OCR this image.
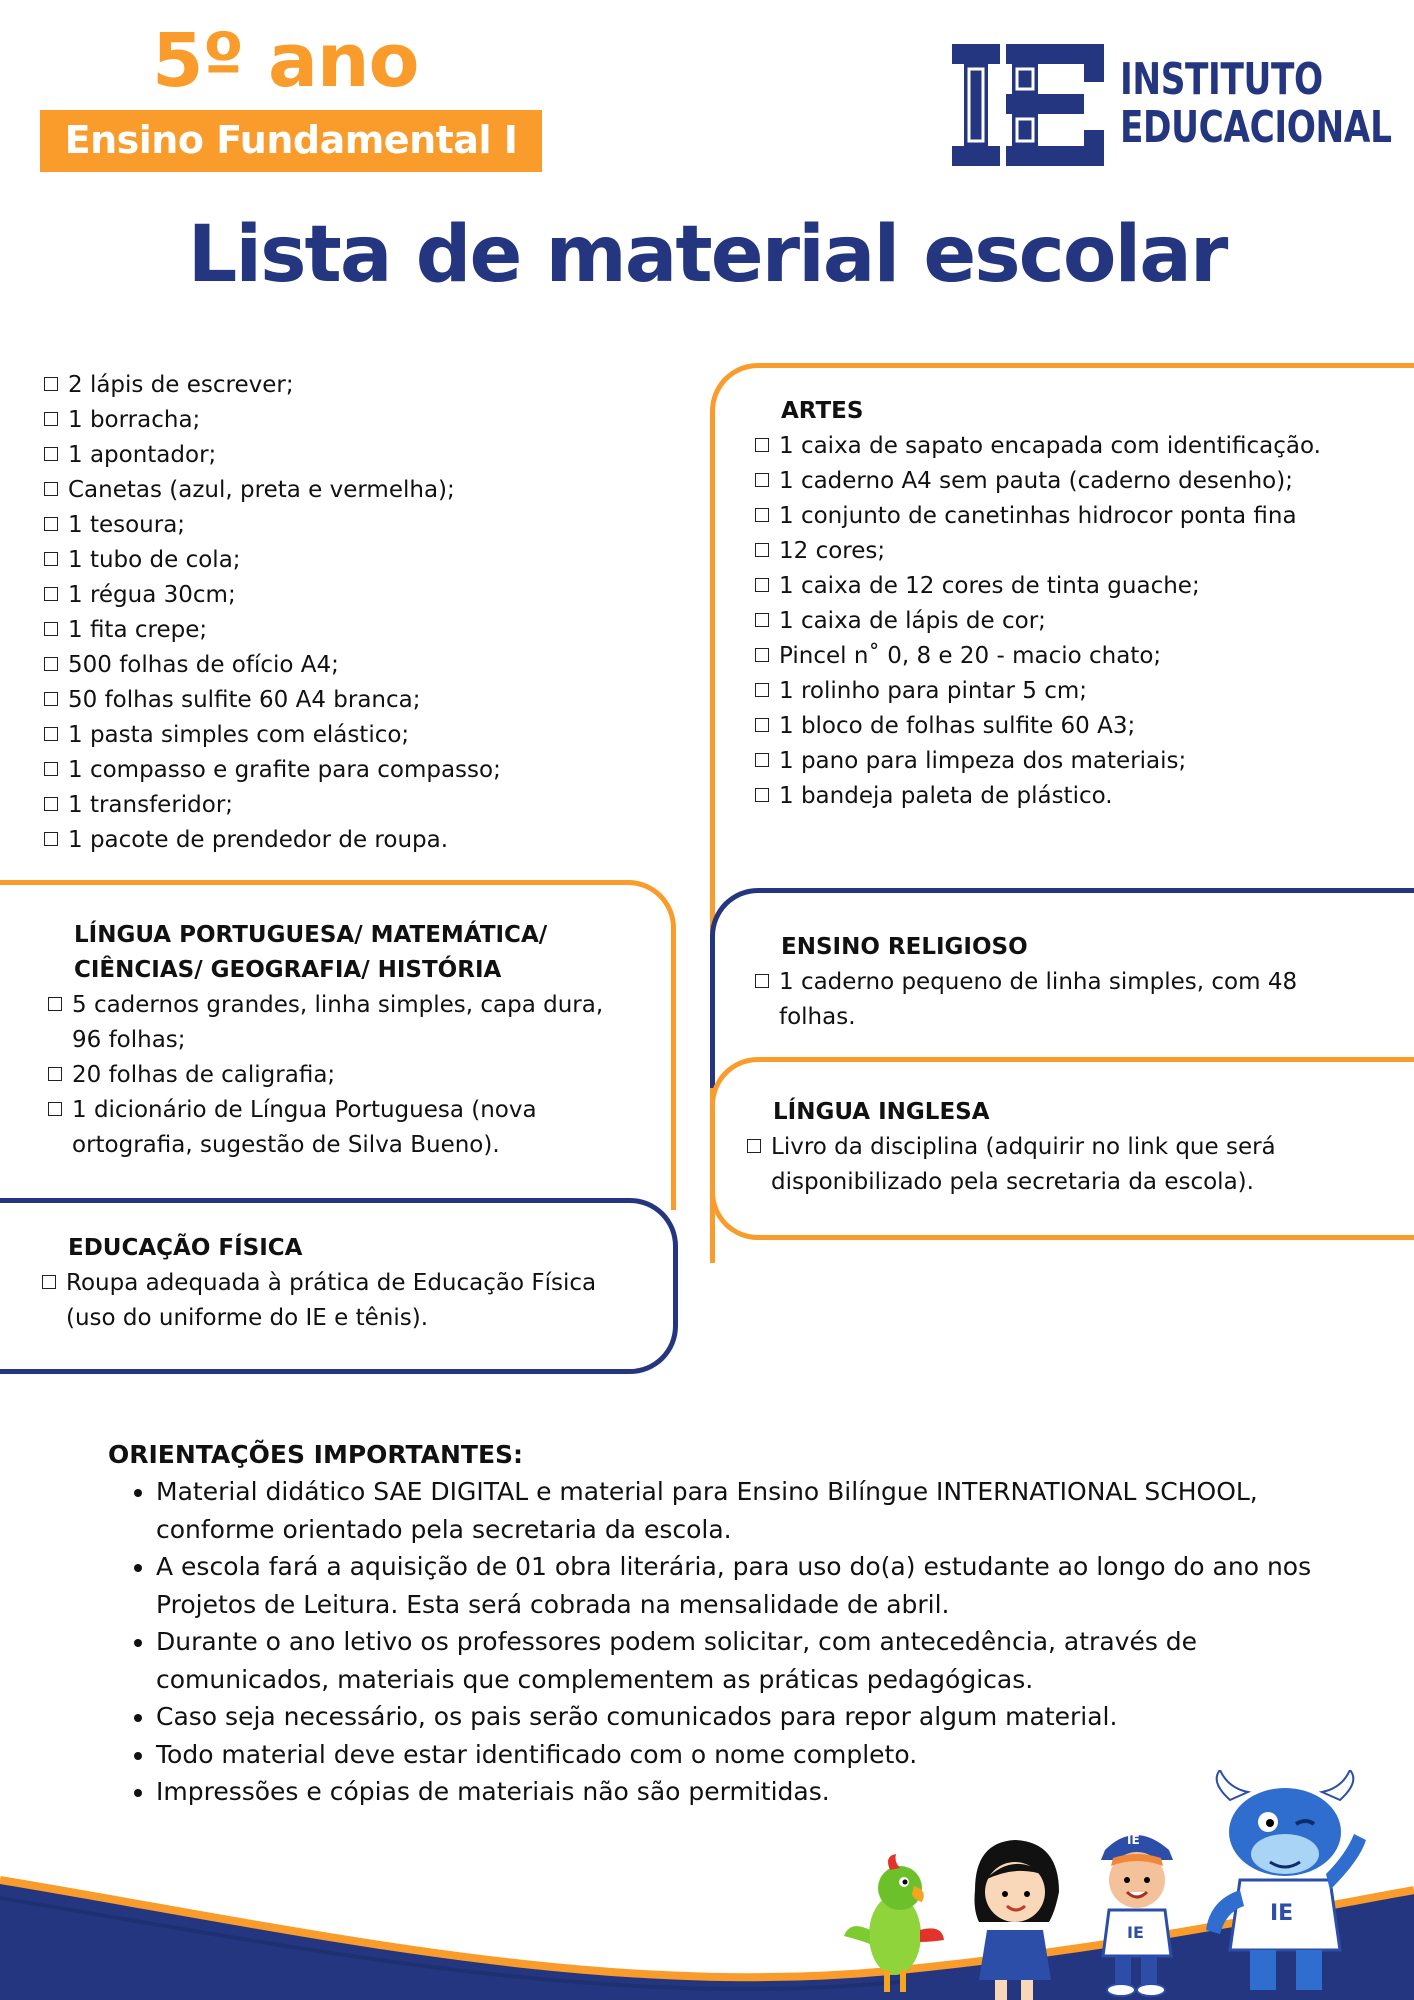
5º ano
Ensino Fundamental I
INSTITUTO
EDUCACIONAL
Lista de material escolar
2 lápis de escrever;
1 borracha;
1 apontador;
Canetas (azul, preta e vermelha);
1 tesoura;
1 tubo de cola;
1 régua 30cm;
1 fita crepe;
500 folhas de ofício A4;
50 folhas sulfite 60 A4 branca;
1 pasta simples com elástico;
1 compasso e grafite para compasso;
1 transferidor;
1 pacote de prendedor de roupa.
ARTES
1 caixa de sapato encapada com identificação.
1 caderno A4 sem pauta (caderno desenho);
1 conjunto de canetinhas hidrocor ponta fina
12 cores;
1 caixa de 12 cores de tinta guache;
1 caixa de lápis de cor;
Pincel n˚ 0, 8 e 20 - macio chato;
1 rolinho para pintar 5 cm;
1 bloco de folhas sulfite 60 A3;
1 pano para limpeza dos materiais;
1 bandeja paleta de plástico.
ENSINO RELIGIOSO
1 caderno pequeno de linha simples, com 48 folhas.
LÍNGUA INGLESA
Livro da disciplina (adquirir no link que será disponibilizado pela secretaria da escola).
LÍNGUA PORTUGUESA/ MATEMÁTICA/ CIÊNCIAS/ GEOGRAFIA/ HISTÓRIA
5 cadernos grandes, linha simples, capa dura, 96 folhas;
20 folhas de caligrafia;
1 dicionário de Língua Portuguesa (nova ortografia, sugestão de Silva Bueno).
EDUCAÇÃO FÍSICA
Roupa adequada à prática de Educação Física (uso do uniforme do IE e tênis).
ORIENTAÇÕES IMPORTANTES:
• Material didático SAE DIGITAL e material para Ensino Bilíngue INTERNATIONAL SCHOOL, conforme orientado pela secretaria da escola.
• A escola fará a aquisição de 01 obra literária, para uso do(a) estudante ao longo do ano nos Projetos de Leitura. Esta será cobrada na mensalidade de abril.
• Durante o ano letivo os professores podem solicitar, com antecedência, através de comunicados, materiais que complementem as práticas pedagógicas.
• Caso seja necessário, os pais serão comunicados para repor algum material.
• Todo material deve estar identificado com o nome completo.
• Impressões e cópias de materiais não são permitidas.
IE
IE
IE
